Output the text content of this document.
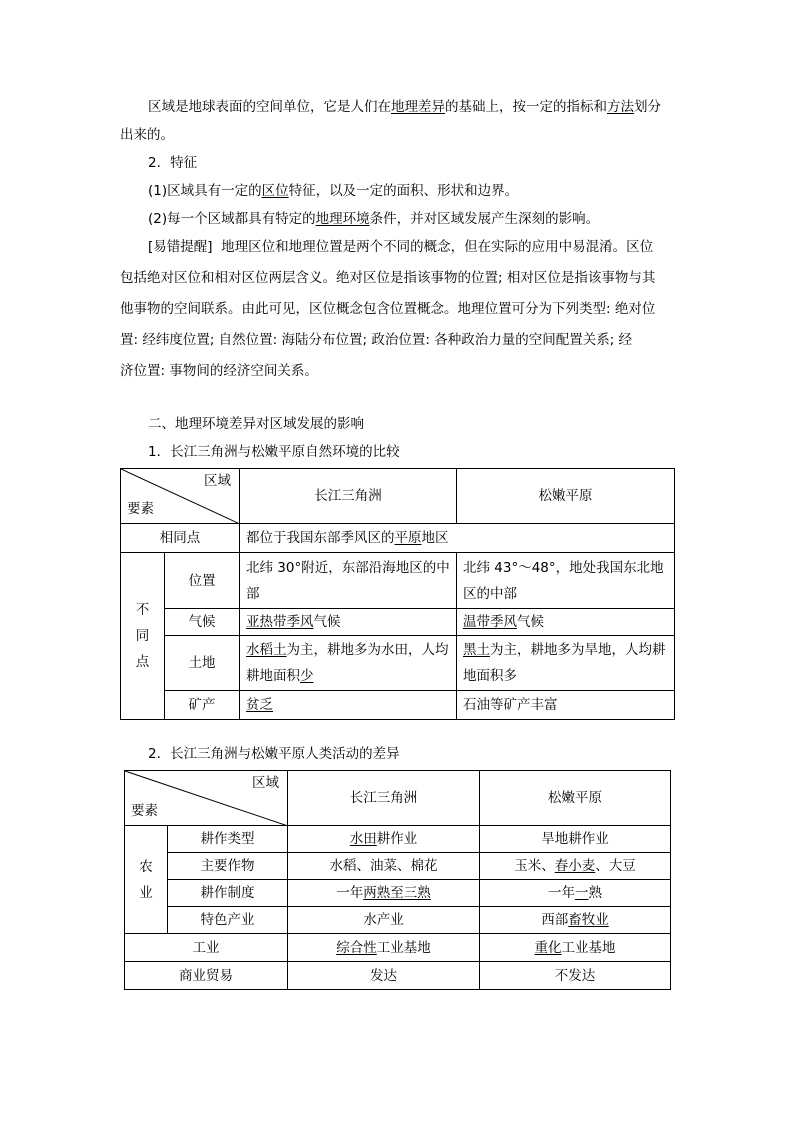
区域是地球表面的空间单位，它是人们在地理差异的基础上，按一定的指标和方法划分
出来的。
2．特征
(1)区域具有一定的区位特征，以及一定的面积、形状和边界。
(2)每一个区域都具有特定的地理环境条件，并对区域发展产生深刻的影响。
[易错提醒] 地理区位和地理位置是两个不同的概念，但在实际的应用中易混淆。区位
包括绝对区位和相对区位两层含义。绝对区位是指该事物的位置; 相对区位是指该事物与其
他事物的空间联系。由此可见，区位概念包含位置概念。地理位置可分为下列类型: 绝对位
置: 经纬度位置; 自然位置: 海陆分布位置; 政治位置: 各种政治力量的空间配置关系; 经
济位置: 事物间的经济空间关系。
二、地理环境差异对区域发展的影响
1．长江三角洲与松嫩平原自然环境的比较
区域
要素		长江三角洲	松嫩平原
相同点		都位于我国东部季风区的平原地区	

不
同
点	位置	北纬 30°附近，东部沿海地区的中部	北纬 43°～48°，地处我国东北地区的中部
	气候	亚热带季风气候	温带季风气候
	土地	水稻土为主，耕地多为水田，人均耕地面积少	黑土为主，耕地多为旱地，人均耕地面积多
	矿产	贫乏	石油等矿产丰富
2．长江三角洲与松嫩平原人类活动的差异
区域
要素		长江三角洲	松嫩平原

农
业	耕作类型	水田耕作业	旱地耕作业
	主要作物	水稻、油菜、棉花	玉米、春小麦、大豆
	耕作制度	一年两熟至三熟	一年一熟
	特色产业	水产业	西部畜牧业
工业		综合性工业基地	重化工业基地
商业贸易		发达	不发达
